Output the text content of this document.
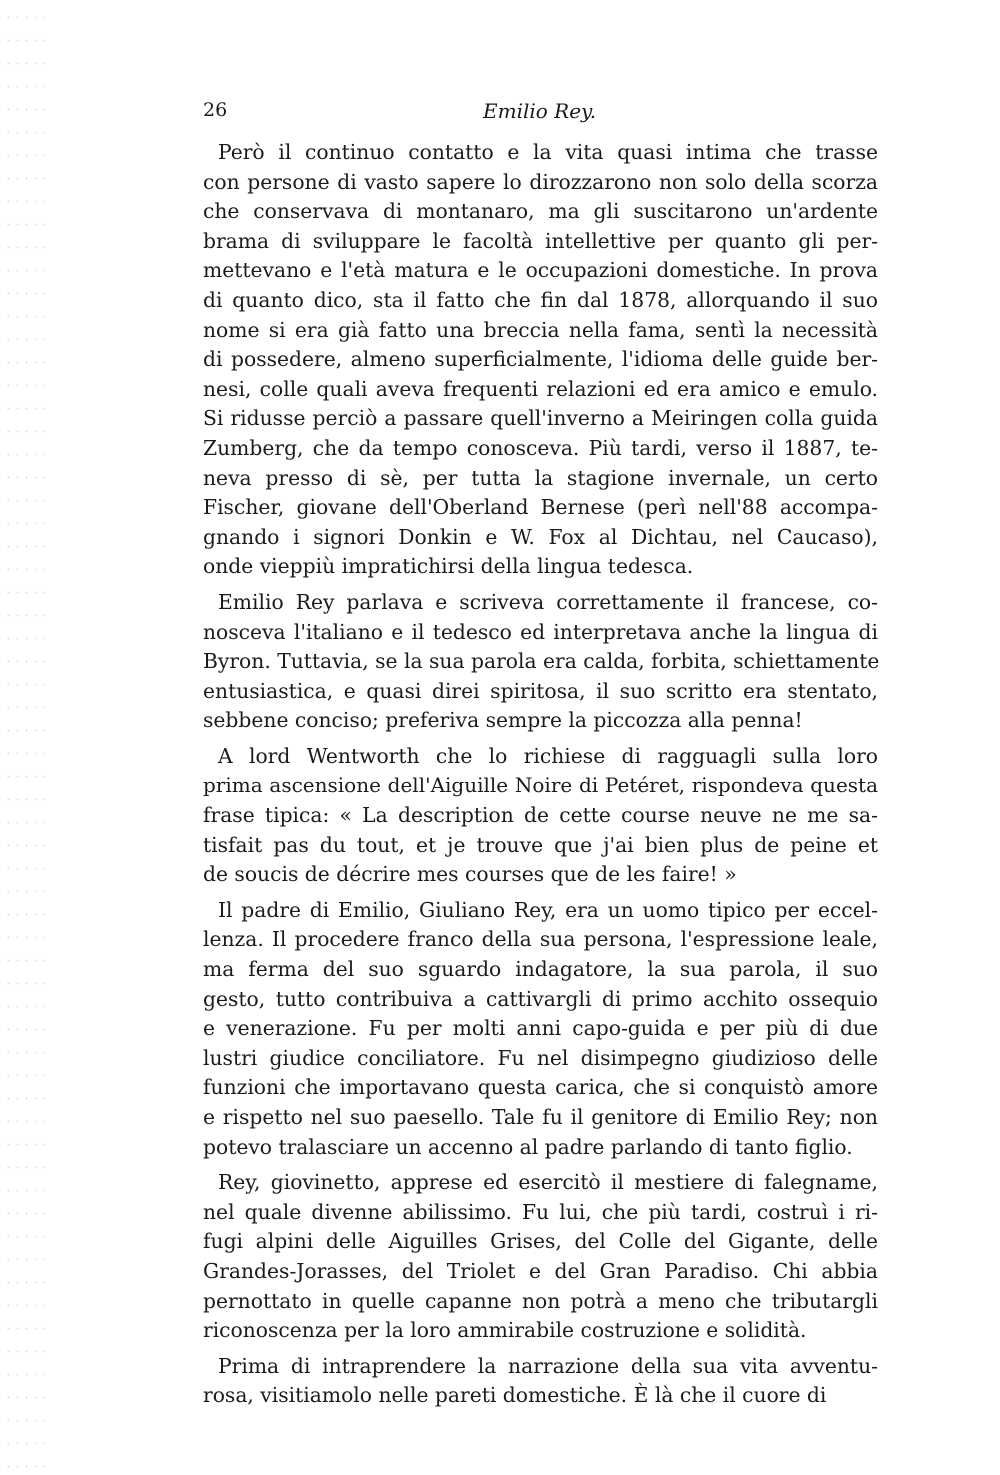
26	Emilio Rey.
Però il continuo contatto e la vita quasi intima che trasse
con persone di vasto sapere lo dirozzarono non solo della scorza
che conservava di montanaro, ma gli suscitarono un'ardente
brama di sviluppare le facoltà intellettive per quanto gli per-
mettevano e l'età matura e le occupazioni domestiche. In prova
di quanto dico, sta il fatto che fin dal 1878, allorquando il suo
nome si era già fatto una breccia nella fama, sentì la necessità
di possedere, almeno superficialmente, l'idioma delle guide ber-
nesi, colle quali aveva frequenti relazioni ed era amico e emulo.
Si ridusse perciò a passare quell'inverno a Meiringen colla guida
Zumberg, che da tempo conosceva. Più tardi, verso il 1887, te-
neva presso di sè, per tutta la stagione invernale, un certo
Fischer, giovane dell'Oberland Bernese (perì nell'88 accompa-
gnando i signori Donkin e W. Fox al Dichtau, nel Caucaso),
onde vieppiù impratichirsi della lingua tedesca.
Emilio Rey parlava e scriveva correttamente il francese, co-
nosceva l'italiano e il tedesco ed interpretava anche la lingua di
Byron. Tuttavia, se la sua parola era calda, forbita, schiettamente
entusiastica, e quasi direi spiritosa, il suo scritto era stentato,
sebbene conciso; preferiva sempre la piccozza alla penna!
A lord Wentworth che lo richiese di ragguagli sulla loro
prima ascensione dell'Aiguille Noire di Petéret, rispondeva questa
frase tipica: « La description de cette course neuve ne me sa-
tisfait pas du tout, et je trouve que j'ai bien plus de peine et
de soucis de décrire mes courses que de les faire! »
Il padre di Emilio, Giuliano Rey, era un uomo tipico per eccel-
lenza. Il procedere franco della sua persona, l'espressione leale,
ma ferma del suo sguardo indagatore, la sua parola, il suo
gesto, tutto contribuiva a cattivargli di primo acchito ossequio
e venerazione. Fu per molti anni capo-guida e per più di due
lustri giudice conciliatore. Fu nel disimpegno giudizioso delle
funzioni che importavano questa carica, che si conquistò amore
e rispetto nel suo paesello. Tale fu il genitore di Emilio Rey; non
potevo tralasciare un accenno al padre parlando di tanto figlio.
Rey, giovinetto, apprese ed esercitò il mestiere di falegname,
nel quale divenne abilissimo. Fu lui, che più tardi, costruì i ri-
fugi alpini delle Aiguilles Grises, del Colle del Gigante, delle
Grandes-Jorasses, del Triolet e del Gran Paradiso. Chi abbia
pernottato in quelle capanne non potrà a meno che tributargli
riconoscenza per la loro ammirabile costruzione e solidità.
Prima di intraprendere la narrazione della sua vita avventu-
rosa, visitiamolo nelle pareti domestiche. È là che il cuore di
